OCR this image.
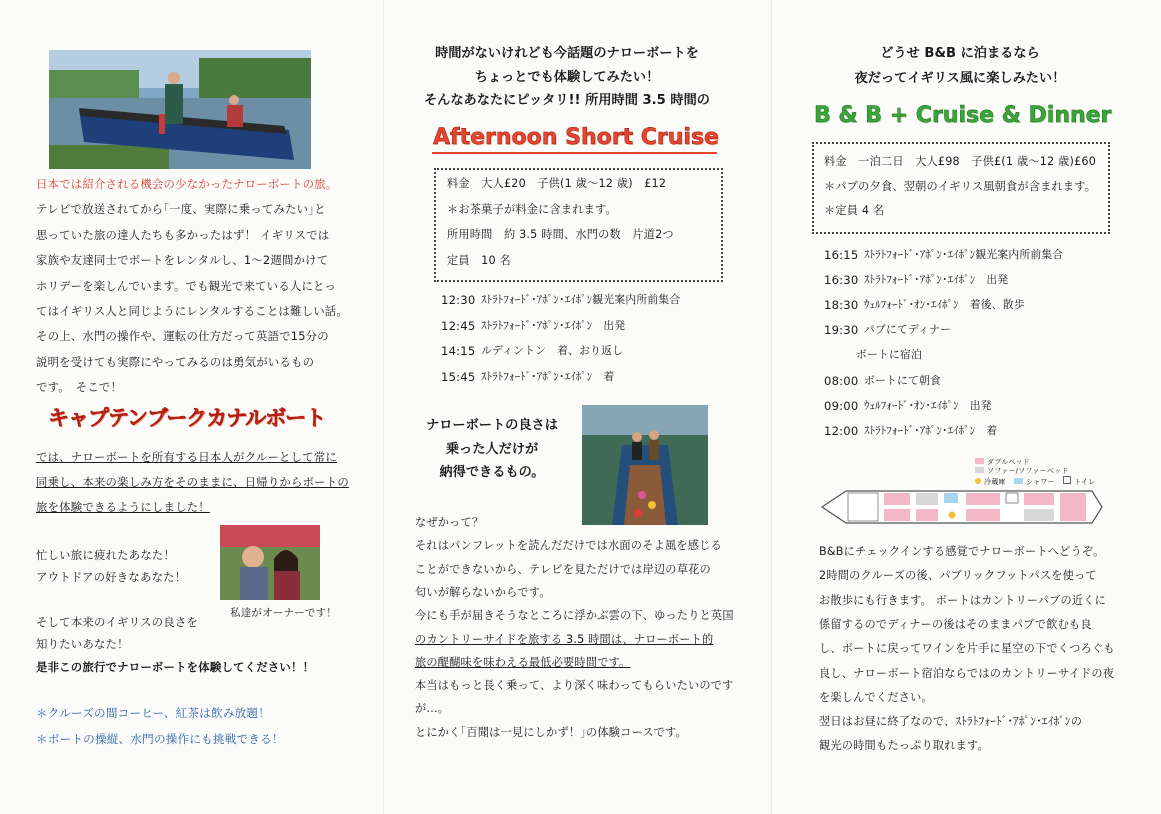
日本では紹介される機会の少なかったナローボートの旅。
テレビで放送されてから｢一度、実際に乗ってみたい｣と
思っていた旅の達人たちも多かったはず！ イギリスでは
家族や友達同士でボートをレンタルし、1～2週間かけて
ホリデーを楽しんでいます。でも観光で来ている人にとっ
てはイギリス人と同じようにレンタルすることは難しい話。
その上、水門の操作や、運転の仕方だって英語で15分の
説明を受けても実際にやってみるのは勇気がいるもの
です。　そこで！
キャプテンブークカナルボート
では、ナローボートを所有する日本人がクルーとして常に
同乗し、本来の楽しみ方をそのままに、日帰りからボートの
旅を体験できるようにしました！
忙しい旅に疲れたあなた！
アウトドアの好きなあなた！
そして本来のイギリスの良さを
知りたいあなた！
是非この旅行でナローボートを体験してください！！
私達がオーナーです！
＊クルーズの間コーヒー、紅茶は飲み放題！
＊ボートの操縦、水門の操作にも挑戦できる！
時間がないけれども今話題のナローボートを
ちょっとでも体験してみたい！
そんなあなたにピッタリ!! 所用時間 3.5 時間の
Afternoon Short Cruise
料金　大人£20　子供(1 歳～12 歳)　£12
＊お茶菓子が料金に含まれます。
所用時間　約 3.5 時間、水門の数　片道2つ
定員　10 名
12:30 ｽﾄﾗﾄﾌｫｰﾄﾞ･ｱﾎﾟﾝ･ｴｲﾎﾟﾝ観光案内所前集合
12:45 ｽﾄﾗﾄﾌｫｰﾄﾞ･ｱﾎﾟﾝ･ｴｲﾎﾟﾝ　出発
14:15 ルディントン　着、おり返し
15:45 ｽﾄﾗﾄﾌｫｰﾄﾞ･ｱﾎﾟﾝ･ｴｲﾎﾟﾝ　着
ナローボートの良さは
乗った人だけが
納得できるもの。
なぜかって？
それはパンフレットを読んだだけでは水面のそよ風を感じる
ことができないから、テレビを見ただけでは岸辺の草花の
匂いが解らないからです。
今にも手が届きそうなところに浮かぶ雲の下、ゆったりと英国
のカントリーサイドを旅する 3.5 時間は、ナローボート的
旅の醍醐味を味わえる最低必要時間です。
本当はもっと長く乗って、より深く味わってもらいたいのです
が…。
とにかく｢百聞は一見にしかず！｣の体験コースです。
どうせ B&B に泊まるなら
夜だってイギリス風に楽しみたい！
B & B + Cruise & Dinner
料金　一泊二日　大人£98　子供£(1 歳～12 歳)£60
＊パブの夕食、翌朝のイギリス風朝食が含まれます。
＊定員 4 名
16:15 ｽﾄﾗﾄﾌｫｰﾄﾞ･ｱﾎﾟﾝ･ｴｲﾎﾟﾝ観光案内所前集合
16:30 ｽﾄﾗﾄﾌｫｰﾄﾞ･ｱﾎﾟﾝ･ｴｲﾎﾟﾝ　出発
18:30 ｳｪﾙﾌｫｰﾄﾞ･ｵﾝ･ｴｲﾎﾟﾝ　着後、散歩
19:30 パブにてディナー
ボートに宿泊
08:00 ボートにて朝食
09:00 ｳｪﾙﾌｫｰﾄﾞ･ｵﾝ･ｴｲﾎﾟﾝ　出発
12:00 ｽﾄﾗﾄﾌｫｰﾄﾞ･ｱﾎﾟﾝ･ｴｲﾎﾟﾝ　着
ダブルベッド
ソファー/ソファーベッド
冷蔵庫	シャワー	トイレ
B&Bにチェックインする感覚でナローボートへどうぞ。
2時間のクルーズの後、パブリックフットパスを使って
お散歩にも行きます。 ボートはカントリーパブの近くに
係留するのでディナーの後はそのままパブで飲むも良
し、ボートに戻ってワインを片手に星空の下でくつろぐも
良し、ナローボート宿泊ならではのカントリーサイドの夜
を楽しんでください。
翌日はお昼に終了なので、ｽﾄﾗﾄﾌｫｰﾄﾞ･ｱﾎﾟﾝ･ｴｲﾎﾟﾝの
観光の時間もたっぷり取れます。
